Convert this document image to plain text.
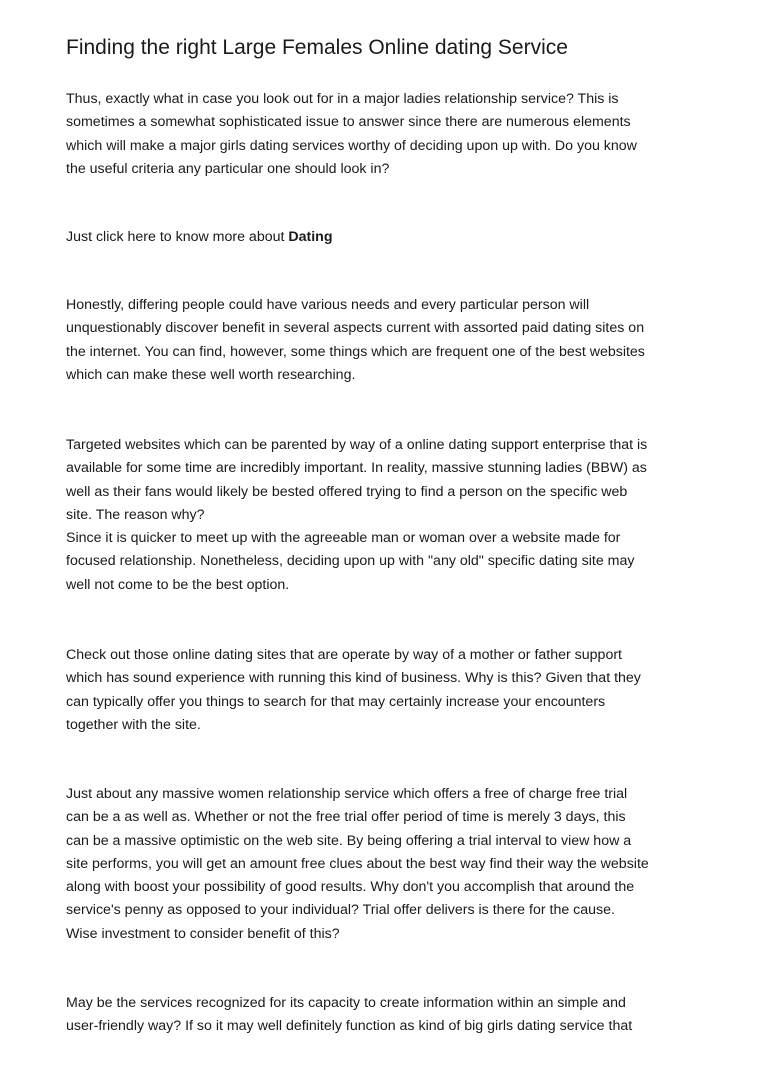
Finding the right Large Females Online dating Service
Thus, exactly what in case you look out for in a major ladies relationship service? This is
sometimes a somewhat sophisticated issue to answer since there are numerous elements
which will make a major girls dating services worthy of deciding upon up with. Do you know
the useful criteria any particular one should look in?
Just click here to know more about Dating
Honestly, differing people could have various needs and every particular person will
unquestionably discover benefit in several aspects current with assorted paid dating sites on
the internet. You can find, however, some things which are frequent one of the best websites
which can make these well worth researching.
Targeted websites which can be parented by way of a online dating support enterprise that is
available for some time are incredibly important. In reality, massive stunning ladies (BBW) as
well as their fans would likely be bested offered trying to find a person on the specific web
site. The reason why?
Since it is quicker to meet up with the agreeable man or woman over a website made for
focused relationship. Nonetheless, deciding upon up with "any old" specific dating site may
well not come to be the best option.
Check out those online dating sites that are operate by way of a mother or father support
which has sound experience with running this kind of business. Why is this? Given that they
can typically offer you things to search for that may certainly increase your encounters
together with the site.
Just about any massive women relationship service which offers a free of charge free trial
can be a as well as. Whether or not the free trial offer period of time is merely 3 days, this
can be a massive optimistic on the web site. By being offering a trial interval to view how a
site performs, you will get an amount free clues about the best way find their way the website
along with boost your possibility of good results. Why don't you accomplish that around the
service's penny as opposed to your individual? Trial offer delivers is there for the cause.
Wise investment to consider benefit of this?
May be the services recognized for its capacity to create information within an simple and
user-friendly way? If so it may well definitely function as kind of big girls dating service that
